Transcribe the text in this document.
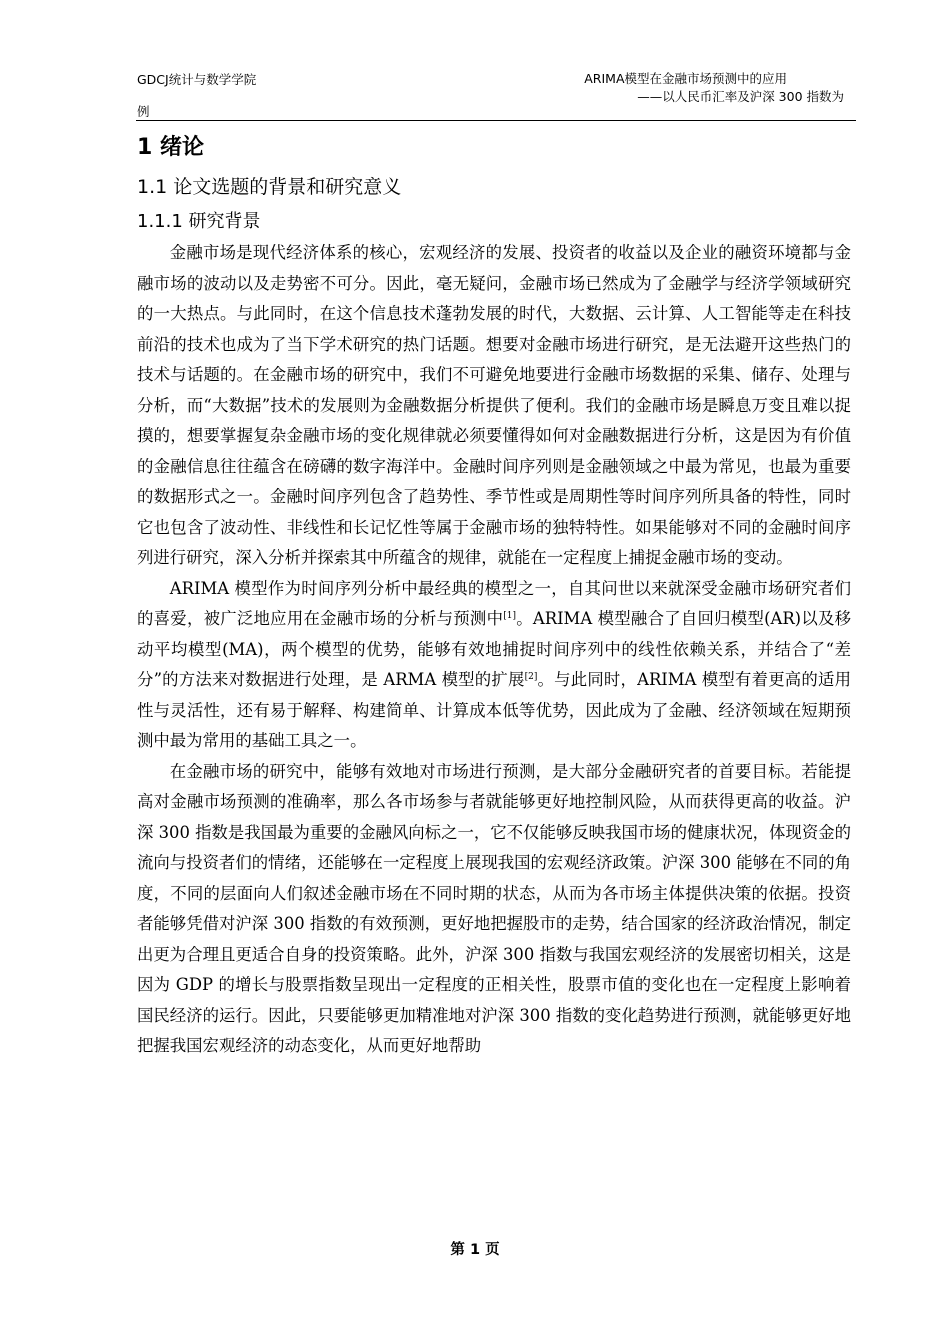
GDCJ统计与数学学院	ARIMA模型在金融市场预测中的应用
——以人民币汇率及沪深 300 指数为
例
1 绪论
1.1 论文选题的背景和研究意义
1.1.1 研究背景

金融市场是现代经济体系的核心，宏观经济的发展、投资者的收益以及企业的融资环境都与金融市场的波动以及走势密不可分。因此，毫无疑问，金融市场已然成为了金融学与经济学领域研究的一大热点。与此同时，在这个信息技术蓬勃发展的时代，大数据、云计算、人工智能等走在科技前沿的技术也成为了当下学术研究的热门话题。想要对金融市场进行研究，是无法避开这些热门的技术与话题的。在金融市场的研究中，我们不可避免地要进行金融市场数据的采集、储存、处理与分析，而“大数据”技术的发展则为金融数据分析提供了便利。我们的金融市场是瞬息万变且难以捉摸的，想要掌握复杂金融市场的变化规律就必须要懂得如何对金融数据进行分析，这是因为有价值的金融信息往往蕴含在磅礴的数字海洋中。金融时间序列则是金融领域之中最为常见，也最为重要的数据形式之一。金融时间序列包含了趋势性、季节性或是周期性等时间序列所具备的特性，同时它也包含了波动性、非线性和长记忆性等属于金融市场的独特特性。如果能够对不同的金融时间序列进行研究，深入分析并探索其中所蕴含的规律，就能在一定程度上捕捉金融市场的变动。

ARIMA 模型作为时间序列分析中最经典的模型之一，自其问世以来就深受金融市场研究者们的喜爱，被广泛地应用在金融市场的分析与预测中[1]。ARIMA 模型融合了自回归模型(AR)以及移动平均模型(MA)，两个模型的优势，能够有效地捕捉时间序列中的线性依赖关系，并结合了“差分”的方法来对数据进行处理，是 ARMA 模型的扩展[2]。与此同时，ARIMA 模型有着更高的适用性与灵活性，还有易于解释、构建简单、计算成本低等优势，因此成为了金融、经济领域在短期预测中最为常用的基础工具之一。

在金融市场的研究中，能够有效地对市场进行预测，是大部分金融研究者的首要目标。若能提高对金融市场预测的准确率，那么各市场参与者就能够更好地控制风险，从而获得更高的收益。沪深 300 指数是我国最为重要的金融风向标之一，它不仅能够反映我国市场的健康状况，体现资金的流向与投资者们的情绪，还能够在一定程度上展现我国的宏观经济政策。沪深 300 能够在不同的角度，不同的层面向人们叙述金融市场在不同时期的状态，从而为各市场主体提供决策的依据。投资者能够凭借对沪深 300 指数的有效预测，更好地把握股市的走势，结合国家的经济政治情况，制定出更为合理且更适合自身的投资策略。此外，沪深 300 指数与我国宏观经济的发展密切相关，这是因为 GDP 的增长与股票指数呈现出一定程度的正相关性，股票市值的变化也在一定程度上影响着国民经济的运行。因此，只要能够更加精准地对沪深 300 指数的变化趋势进行预测，就能够更好地把握我国宏观经济的动态变化，从而更好地帮助

第 1 页
